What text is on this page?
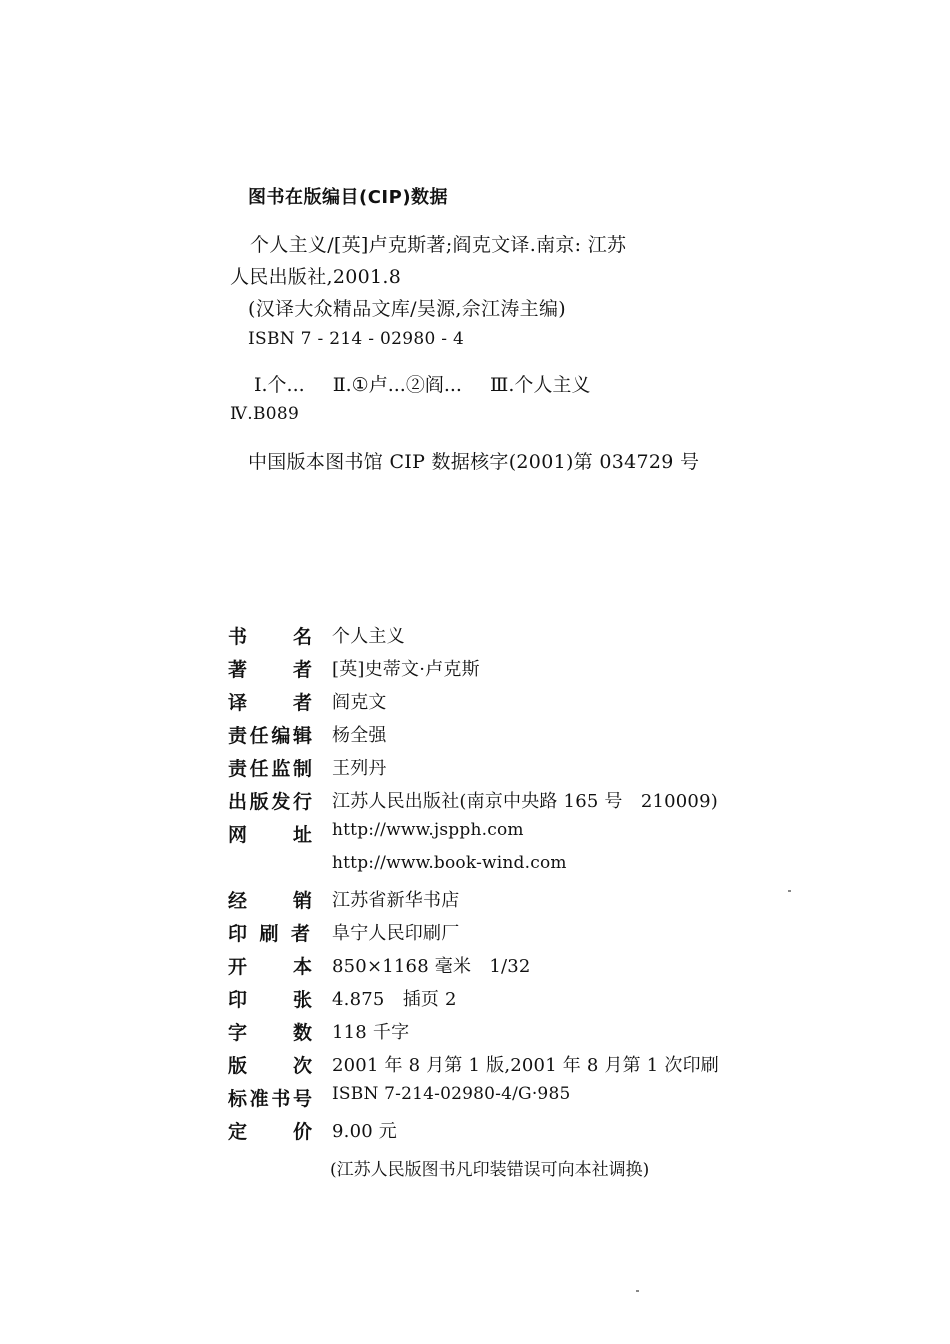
图书在版编目(CIP)数据
个人主义/[英]卢克斯著;阎克文译.南京: 江苏
人民出版社,2001.8
(汉译大众精品文库/吴源,佘江涛主编)
ISBN 7 - 214 - 02980 - 4
Ⅰ.个... Ⅱ.①卢...②阎... Ⅲ.个人主义
Ⅳ.B089
中国版本图书馆 CIP 数据核字(2001)第 034729 号
书 名 个人主义
著 者 [英]史蒂文·卢克斯
译 者 阎克文
责 任 编 辑 杨全强
责 任 监 制 王列丹
出 版 发 行 江苏人民出版社(南京中央路 165 号　210009)
网 址 http://www.jspph.com
http://www.book-wind.com
经 销 江苏省新华书店
印 刷 者 阜宁人民印刷厂
开 本 850×1168 毫米　1/32
印 张 4.875　插页 2
字 数 118 千字
版 次 2001 年 8 月第 1 版,2001 年 8 月第 1 次印刷
标 准 书 号 ISBN 7-214-02980-4/G·985
定 价 9.00 元
(江苏人民版图书凡印装错误可向本社调换)
